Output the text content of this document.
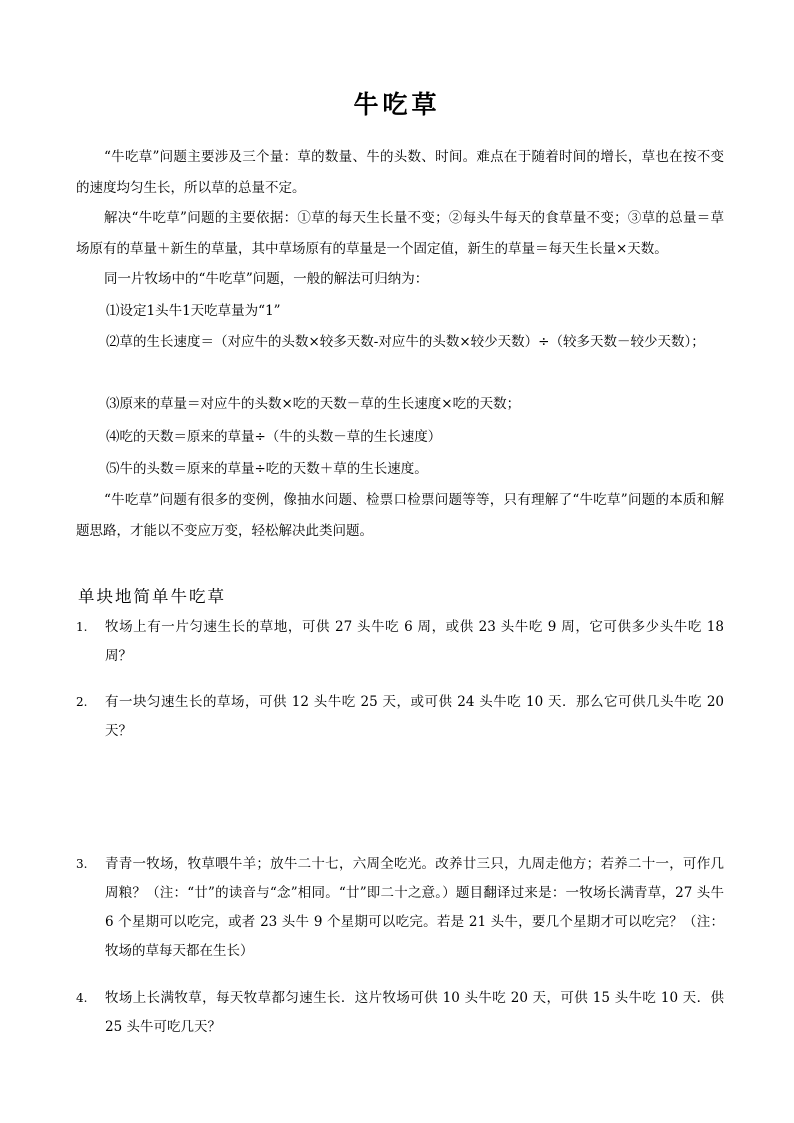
牛吃草
“牛吃草”问题主要涉及三个量：草的数量、牛的头数、时间。难点在于随着时间的增长，草也在按不变的速度均匀生长，所以草的总量不定。
解决“牛吃草”问题的主要依据：①草的每天生长量不变；②每头牛每天的食草量不变；③草的总量＝草场原有的草量＋新生的草量，其中草场原有的草量是一个固定值，新生的草量＝每天生长量×天数。
同一片牧场中的“牛吃草”问题，一般的解法可归纳为：
⑴设定1头牛1天吃草量为“1”
⑵草的生长速度＝（对应牛的头数×较多天数-对应牛的头数×较少天数）÷（较多天数－较少天数）；
⑶原来的草量＝对应牛的头数×吃的天数－草的生长速度×吃的天数；
⑷吃的天数＝原来的草量÷（牛的头数－草的生长速度）
⑸牛的头数＝原来的草量÷吃的天数＋草的生长速度。
“牛吃草”问题有很多的变例，像抽水问题、检票口检票问题等等，只有理解了“牛吃草”问题的本质和解题思路，才能以不变应万变，轻松解决此类问题。
单块地简单牛吃草
1. 牧场上有一片匀速生长的草地，可供 27 头牛吃 6 周，或供 23 头牛吃 9 周，它可供多少头牛吃 18 周？
2. 有一块匀速生长的草场，可供 12 头牛吃 25 天，或可供 24 头牛吃 10 天．那么它可供几头牛吃 20 天？
3. 青青一牧场，牧草喂牛羊；放牛二十七，六周全吃光。改养廿三只，九周走他方；若养二十一，可作几周粮？（注：“廿”的读音与“念”相同。“廿”即二十之意。）题目翻译过来是：一牧场长满青草，27 头牛 6 个星期可以吃完，或者 23 头牛 9 个星期可以吃完。若是 21 头牛，要几个星期才可以吃完？（注：牧场的草每天都在生长）
4. 牧场上长满牧草，每天牧草都匀速生长．这片牧场可供 10 头牛吃 20 天，可供 15 头牛吃 10 天．供 25 头牛可吃几天？
